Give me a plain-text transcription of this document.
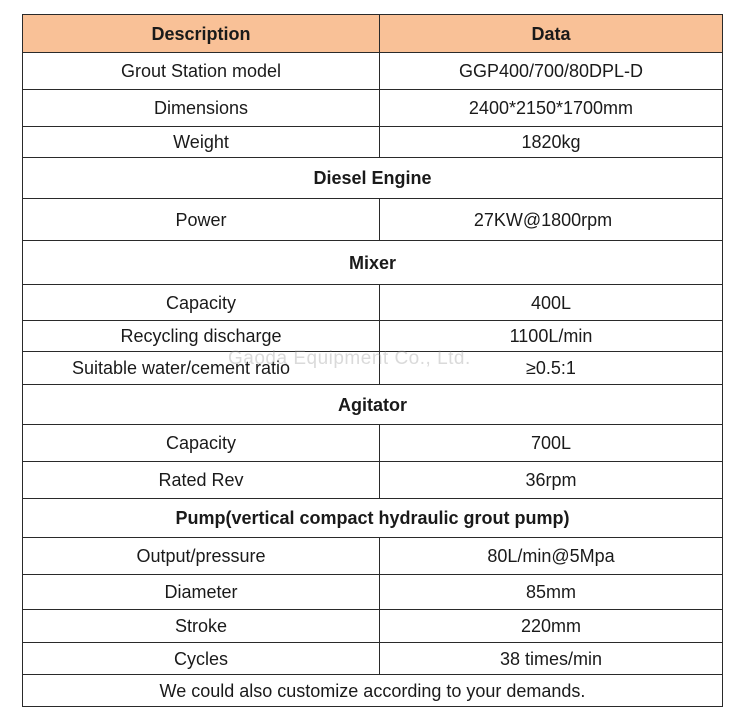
Description	Data
Grout Station model	GGP400/700/80DPL-D
Dimensions	2400*2150*1700mm
Weight	1820kg
Diesel Engine
Power	27KW@1800rpm
Mixer
Capacity	400L
Recycling discharge	1100L/min
Suitable water/cement ratio	≥0.5:1
Agitator
Capacity	700L
Rated Rev	36rpm
Pump(vertical compact hydraulic grout pump)
Output/pressure	80L/min@5Mpa
Diameter	85mm
Stroke	220mm
Cycles	38 times/min
We could also customize according to your demands.
Gaoda Equipment Co., Ltd.
